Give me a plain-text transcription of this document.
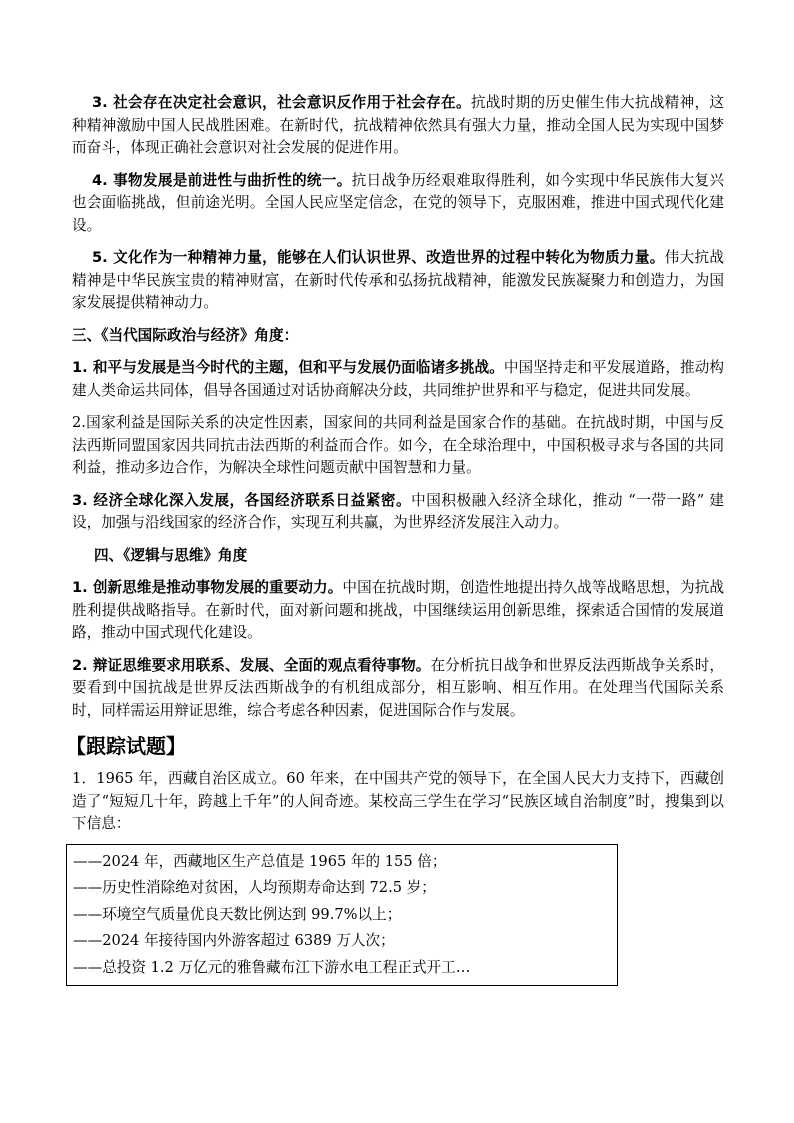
3. 社会存在决定社会意识，社会意识反作用于社会存在。抗战时期的历史催生伟大抗战精神，这种精神激励中国人民战胜困难。在新时代，抗战精神依然具有强大力量，推动全国人民为实现中国梦而奋斗，体现正确社会意识对社会发展的促进作用。

4. 事物发展是前进性与曲折性的统一。抗日战争历经艰难取得胜利，如今实现中华民族伟大复兴也会面临挑战，但前途光明。全国人民应坚定信念，在党的领导下，克服困难，推进中国式现代化建设。

5. 文化作为一种精神力量，能够在人们认识世界、改造世界的过程中转化为物质力量。伟大抗战精神是中华民族宝贵的精神财富，在新时代传承和弘扬抗战精神，能激发民族凝聚力和创造力，为国家发展提供精神动力。

三、《当代国际政治与经济》角度：

1. 和平与发展是当今时代的主题，但和平与发展仍面临诸多挑战。中国坚持走和平发展道路，推动构建人类命运共同体，倡导各国通过对话协商解决分歧，共同维护世界和平与稳定，促进共同发展。

2.国家利益是国际关系的决定性因素，国家间的共同利益是国家合作的基础。在抗战时期，中国与反法西斯同盟国家因共同抗击法西斯的利益而合作。如今，在全球治理中，中国积极寻求与各国的共同利益，推动多边合作，为解决全球性问题贡献中国智慧和力量。

3. 经济全球化深入发展，各国经济联系日益紧密。中国积极融入经济全球化，推动 “一带一路” 建设，加强与沿线国家的经济合作，实现互利共赢，为世界经济发展注入动力。

四、《逻辑与思维》角度

1. 创新思维是推动事物发展的重要动力。中国在抗战时期，创造性地提出持久战等战略思想，为抗战胜利提供战略指导。在新时代，面对新问题和挑战，中国继续运用创新思维，探索适合国情的发展道路，推动中国式现代化建设。

2. 辩证思维要求用联系、发展、全面的观点看待事物。在分析抗日战争和世界反法西斯战争关系时，要看到中国抗战是世界反法西斯战争的有机组成部分，相互影响、相互作用。在处理当代国际关系时，同样需运用辩证思维，综合考虑各种因素，促进国际合作与发展。

【跟踪试题】

1．1965 年，西藏自治区成立。60 年来，在中国共产党的领导下，在全国人民大力支持下，西藏创造了“短短几十年，跨越上千年”的人间奇迹。某校高三学生在学习“民族区域自治制度”时，搜集到以下信息：

——2024 年，西藏地区生产总值是 1965 年的 155 倍；
——历史性消除绝对贫困，人均预期寿命达到 72.5 岁；
——环境空气质量优良天数比例达到 99.7%以上；
——2024 年接待国内外游客超过 6389 万人次；
——总投资 1.2 万亿元的雅鲁藏布江下游水电工程正式开工…
